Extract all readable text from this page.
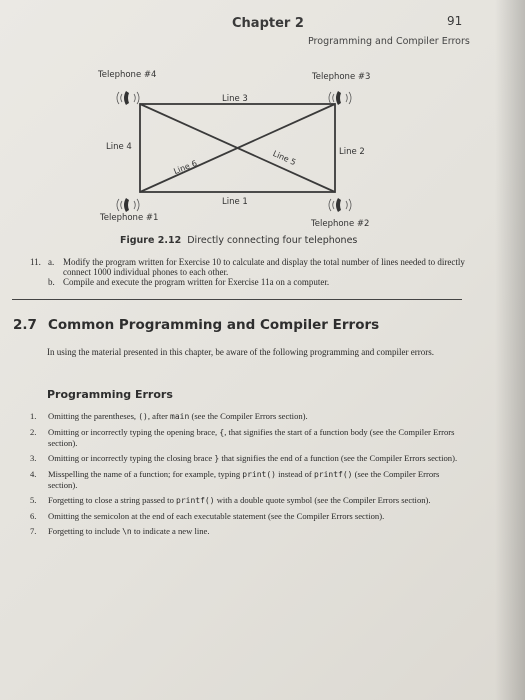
Chapter 2	91
Programming and Compiler Errors
Line 3
Line 1
Line 4	Line 2
Line 6
Line 5
Telephone #4	Telephone #3
Telephone #1
Telephone #2
Figure 2.12 Directly connecting four telephones
11. a. Modify the program written for Exercise 10 to calculate and display the total number of lines needed to directly connect 1000 individual phones to each other.
b. Compile and execute the program written for Exercise 11a on a computer.
2.7 Common Programming and Compiler Errors
In using the material presented in this chapter, be aware of the following programming and compiler errors.
Programming Errors
1.	Omitting the parentheses, (), after main (see the Compiler Errors section).
2.	Omitting or incorrectly typing the opening brace, {, that signifies the start of a function body (see the Compiler Errors section).
3.	Omitting or incorrectly typing the closing brace } that signifies the end of a function (see the Compiler Errors section).
4.	Misspelling the name of a function; for example, typing print() instead of printf() (see the Compiler Errors section).
5.	Forgetting to close a string passed to printf() with a double quote symbol (see the Compiler Errors section).
6.	Omitting the semicolon at the end of each executable statement (see the Compiler Errors section).
7.	Forgetting to include \n to indicate a new line.
